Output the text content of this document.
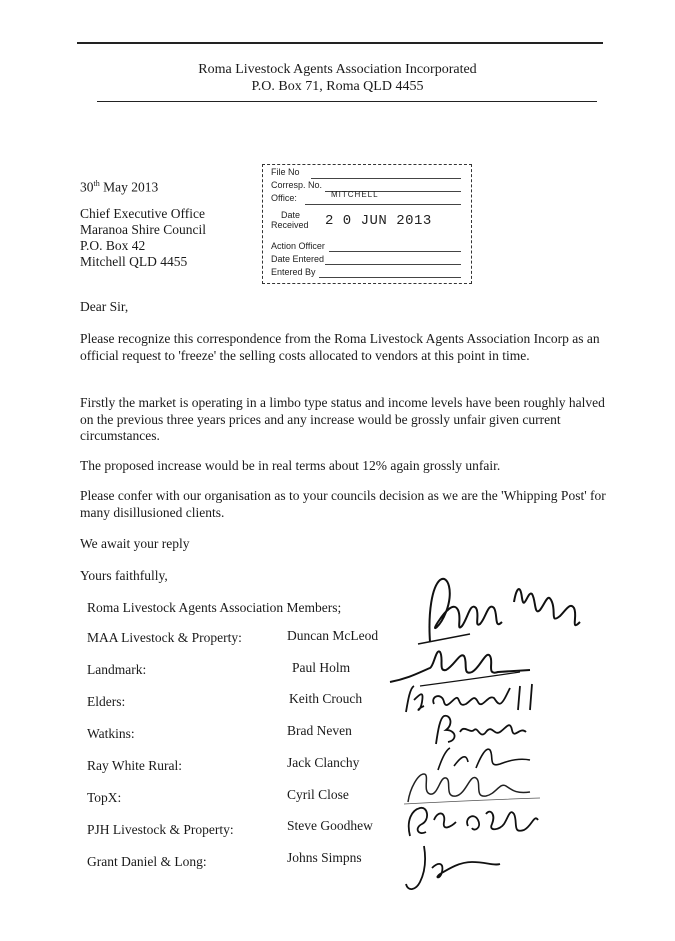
Roma Livestock Agents Association Incorporated
P.O. Box 71, Roma QLD 4455
30th May 2013
Chief Executive Office
Maranoa Shire Council
P.O. Box 42
Mitchell QLD 4455
File No
Corresp. No.
Office:	MITCHELL
Date
Received 2 0 JUN 2013
Action Officer
Date Entered
Entered By
Dear Sir,
Please recognize this correspondence from the Roma Livestock Agents Association Incorp as an official request to 'freeze' the selling costs allocated to vendors at this point in time.
Firstly the market is operating in a limbo type status and income levels have been roughly halved on the previous three years prices and any increase would be grossly unfair given current circumstances.
The proposed increase would be in real terms about 12% again grossly unfair.
Please confer with our organisation as to your councils decision as we are the 'Whipping Post' for many disillusioned clients.
We await your reply
Yours faithfully,
Roma Livestock Agents Association Members;
MAA Livestock & Property:	Duncan McLeod
Landmark:	Paul Holm
Elders:	Keith Crouch
Watkins:	Brad Neven
Ray White Rural:	Jack Clanchy
TopX:	Cyril Close
PJH Livestock & Property:	Steve Goodhew
Grant Daniel & Long:	Johns Simpns
